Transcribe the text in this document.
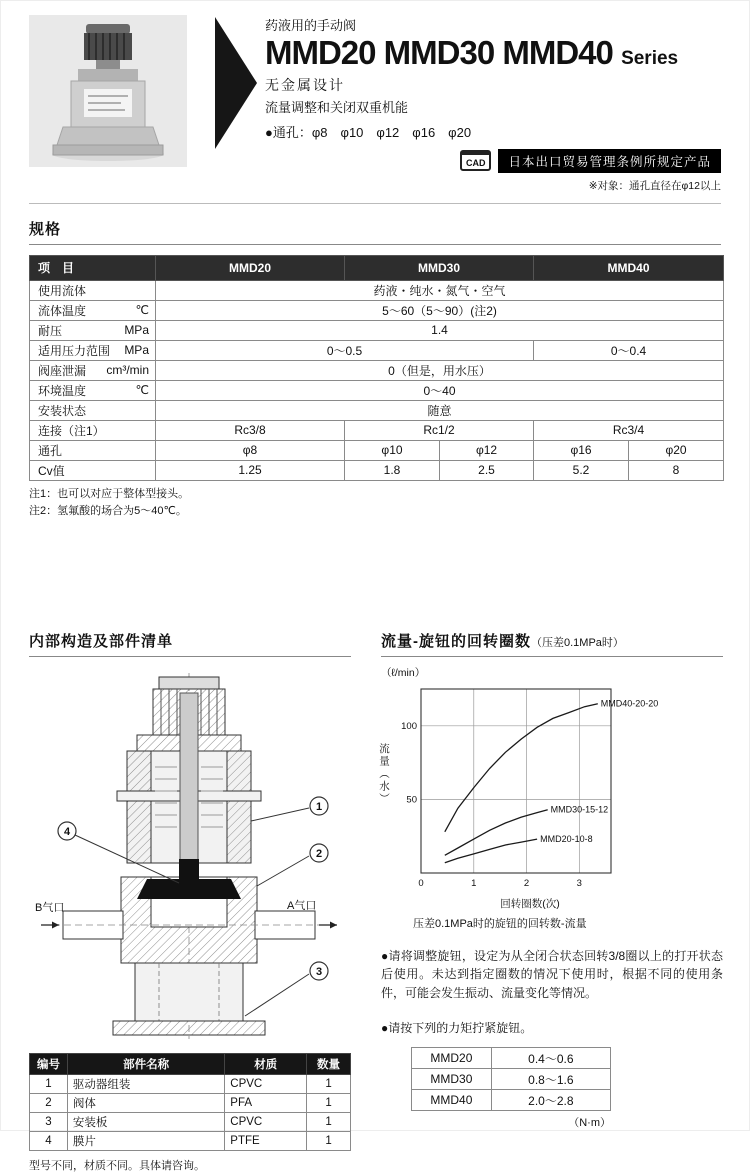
药液用的手动阀
MMD20 MMD30 MMD40 Series
无金属设计
流量调整和关闭双重机能
●通孔：φ8　φ10　φ12　φ16　φ20
CAD	日本出口贸易管理条例所规定产品
※对象：通孔直径在φ12以上
规格
项　目	MMD20	MMD30		MMD40	

使用流体	药液・纯水・氮气・空气				

流体温度 ℃	5～60（5～90）(注2)				

耐压 MPa	1.4				

适用压力范围 MPa	0～0.5			0～0.4	

阀座泄漏 cm³/min	0（但是，用水压）				

环境温度 ℃	0～40				

安装状态	随意				

连接（注1）	Rc3/8	Rc1/2		Rc3/4	

通孔	φ8	φ10	φ12	φ16	φ20

Cv值	1.25	1.8	2.5	5.2	8
注1：也可以对应于整体型接头。
注2：氢氟酸的场合为5～40℃。
内部构造及部件清单
B气口	A气口
1
2
3
4
编号	部件名称	材质	数量
1	驱动器组装	CPVC	1
2	阀体	PFA	1
3	安装板	CPVC	1
4	膜片	PTFE	1
型号不同，材质不同。具体请咨询。
流量-旋钮的回转圈数（压差0.1MPa时）
（ℓ/min）
流量（水）
0	1	2	3
50
100
MMD40-20-20
MMD30-15-12
MMD20-10-8
回转圈数(次)
压差0.1MPa时的旋钮的回转数-流量

●请将调整旋钮，设定为从全闭合状态回转3/8圈以上的打开状态后使用。未达到指定圈数的情况下使用时，根据不同的使用条件，可能会发生振动、流量变化等情况。

●请按下列的力矩拧紧旋钮。

MMD20	0.4～0.6
MMD30	0.8～1.6
MMD40	2.0～2.8
（N·m）
